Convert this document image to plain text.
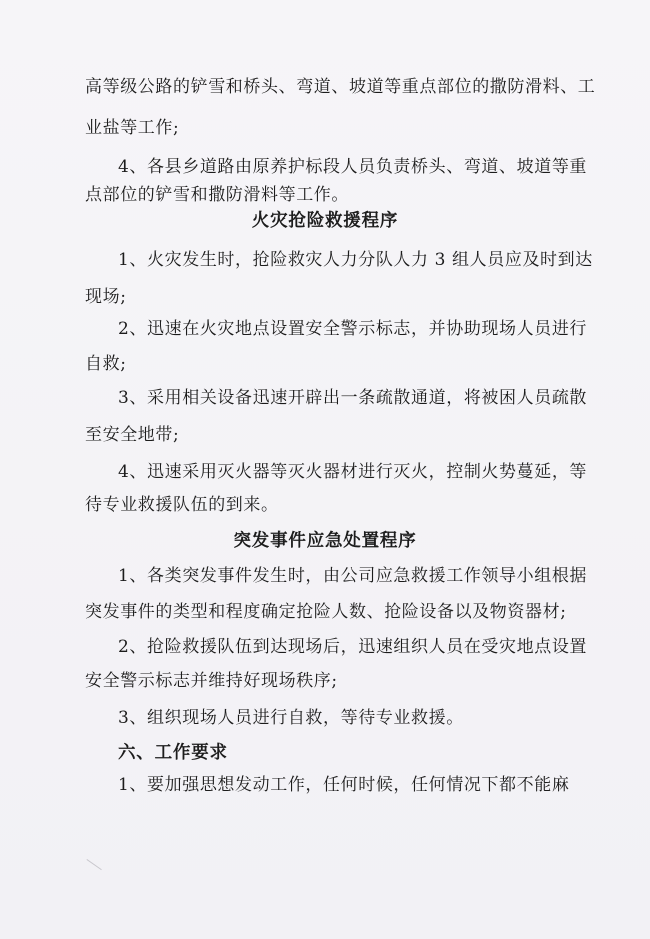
高等级公路的铲雪和桥头、弯道、坡道等重点部位的撒防滑料、工
业盐等工作;
4、各县乡道路由原养护标段人员负责桥头、弯道、坡道等重
点部位的铲雪和撒防滑料等工作。
火灾抢险救援程序
1、火灾发生时，抢险救灾人力分队人力 3 组人员应及时到达
现场;
2、迅速在火灾地点设置安全警示标志，并协助现场人员进行
自救;
3、采用相关设备迅速开辟出一条疏散通道，将被困人员疏散
至安全地带;
4、迅速采用灭火器等灭火器材进行灭火，控制火势蔓延，等
待专业救援队伍的到来。
突发事件应急处置程序
1、各类突发事件发生时，由公司应急救援工作领导小组根据
突发事件的类型和程度确定抢险人数、抢险设备以及物资器材;
2、抢险救援队伍到达现场后，迅速组织人员在受灾地点设置
安全警示标志并维持好现场秩序;
3、组织现场人员进行自救，等待专业救援。
六、工作要求
1、要加强思想发动工作，任何时候，任何情况下都不能麻
